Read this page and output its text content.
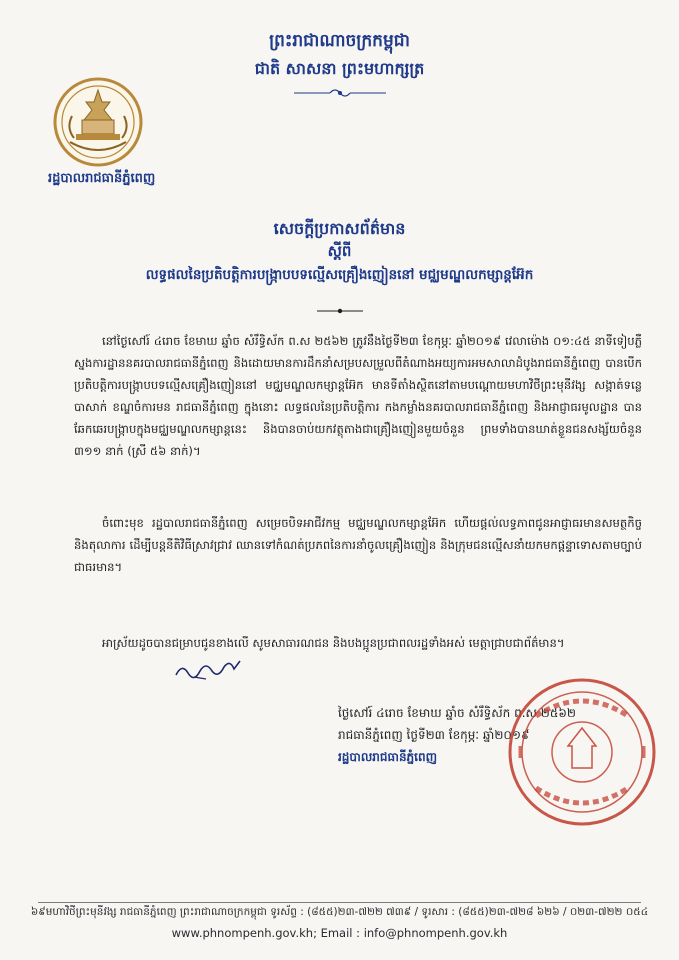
ព្រះរាជាណាចក្រកម្ពុជា
ជាតិ សាសនា ព្រះមហាក្សត្រ
រដ្ឋបាលរាជធានីភ្នំពេញ
សេចក្តីប្រកាសព័ត៌មាន
ស្តីពី
លទ្ធផលនៃប្រតិបត្តិការបង្ក្រាបបទល្មើសគ្រឿងញៀននៅ មជ្ឈមណ្ឌលកម្សាន្តអ៊ែក
នៅថ្ងៃសៅរ៍ ៤រោច ខែមាឃ ឆ្នាំច សំរឹទ្ធិស័ក ព.ស ២៥៦២ ត្រូវនឹងថ្ងៃទី២៣ ខែកុម្ភៈ ឆ្នាំ២០១៩ វេលាម៉ោង ០១:៤៥ នាទីទៀបភ្លឺ ស្នងការដ្ឋាននគរបាលរាជធានីភ្នំពេញ និងដោយមានការដឹកនាំសម្របសម្រួលពីតំណាងអយ្យការអមសាលាដំបូងរាជធានីភ្នំពេញ បានបើកប្រតិបត្តិការបង្ក្រាបបទល្មើសគ្រឿងញៀននៅ មជ្ឈមណ្ឌលកម្សាន្តអ៊ែក មានទីតាំងស្ថិតនៅតាមបណ្តោយមហាវិថីព្រះមុនីវង្ស សង្កាត់ទន្លេបាសាក់ ខណ្ឌចំការមន រាជធានីភ្នំពេញ ក្នុងនោះ លទ្ធផលនៃប្រតិបត្តិការ កងកម្លាំងនគរបាលរាជធានីភ្នំពេញ និងអាជ្ញាធរមូលដ្ឋាន បានឆែកឆេរបង្ក្រាបក្នុងមជ្ឈមណ្ឌលកម្សាន្តនេះ និងបានចាប់យកវត្ថុតាងជាគ្រឿងញៀនមួយចំនួន ព្រមទាំងបានឃាត់ខ្លួនជនសង្ស័យចំនួន ៣១១ នាក់ (ស្រី ៥៦ នាក់)។
ចំពោះមុខ រដ្ឋបាលរាជធានីភ្នំពេញ សម្រេចបិទអាជីវកម្ម មជ្ឈមណ្ឌលកម្សាន្តអ៊ែក ហើយផ្តល់លទ្ធភាពជូនអាជ្ញាធរមានសមត្ថកិច្ច និងតុលាការ ដើម្បីបន្តនីតិវិធីស្រាវជ្រាវ ឈានទៅកំណត់ប្រភពនៃការនាំចូលគ្រឿងញៀន និងក្រុមជនល្មើសនាំយកមកផ្តន្ទាទោសតាមច្បាប់ជាធរមាន។
អាស្រ័យដូចបានជម្រាបជូនខាងលើ សូមសាធារណជន និងបងប្អូនប្រជាពលរដ្ឋទាំងអស់ មេត្តាជ្រាបជាព័ត៌មាន។
ថ្ងៃសៅរ៍ ៤រោច ខែមាឃ ឆ្នាំច សំរឹទ្ធិស័ក ព.ស ២៥៦២
រាជធានីភ្នំពេញ ថ្ងៃទី២៣ ខែកុម្ភៈ ឆ្នាំ២០១៩
រដ្ឋបាលរាជធានីភ្នំពេញ
៦៩មហាវិថីព្រះមុនីវង្ស រាជធានីភ្នំពេញ ព្រះរាជាណាចក្រកម្ពុជា ទូរស័ព្ទ : (៨៥៥)២៣-៧២២ ៧៣៩ / ទូរសារ : (៨៥៥)២៣-៧២៨ ៦២៦ / ០២៣-៧២២ ០៥៤
www.phnompenh.gov.kh; Email : info@phnompenh.gov.kh
